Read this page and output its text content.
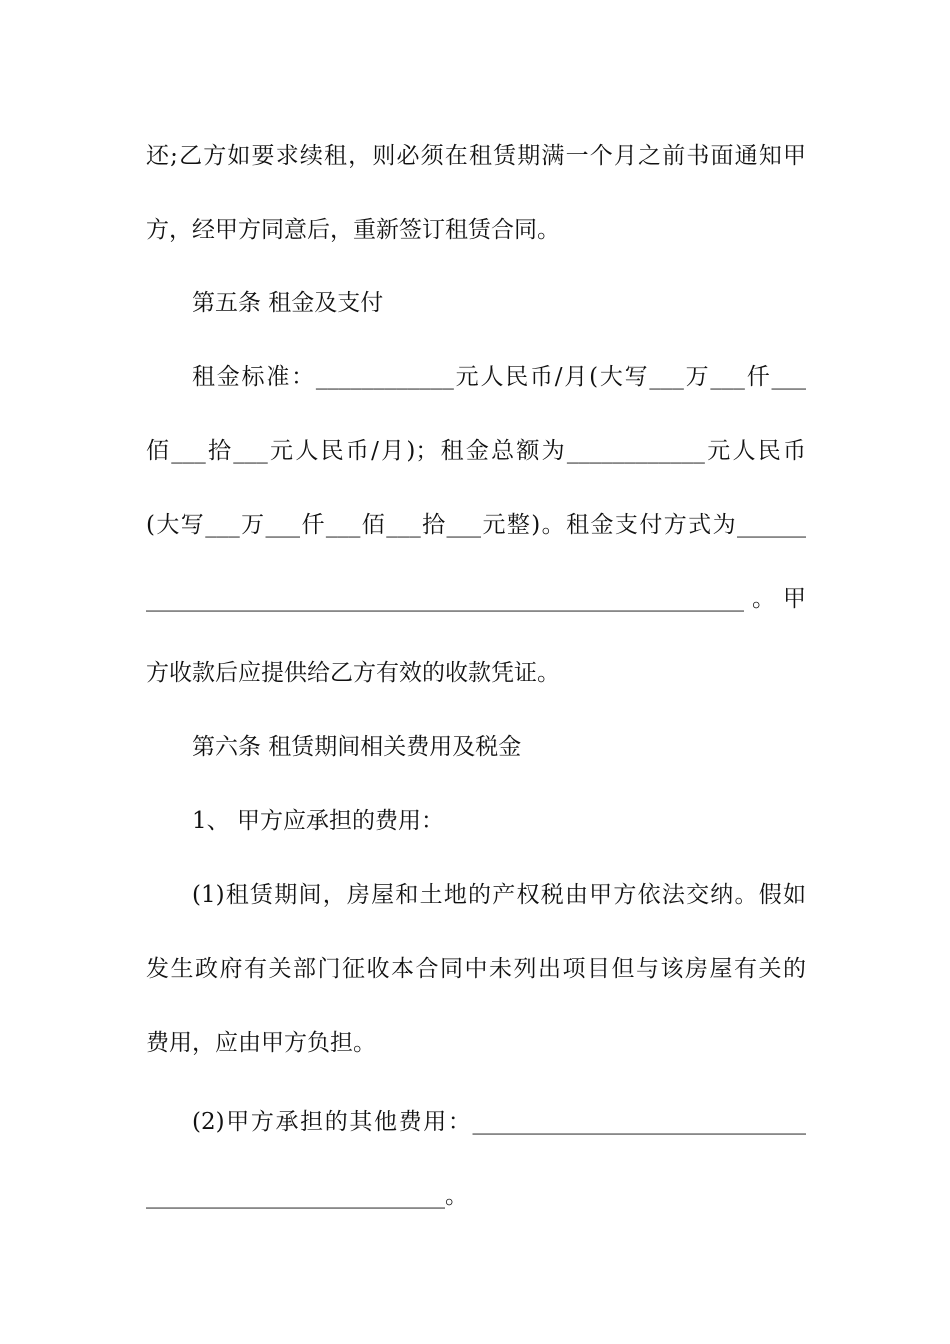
还;乙方如要求续租，则必须在租赁期满一个月之前书面通知甲
方，经甲方同意后，重新签订租赁合同。
第五条 租金及支付
租金标准：____________元人民币/月(大写___万___仟___
佰___拾___元人民币/月)；租金总额为____________元人民币
(大写___万___仟___佰___拾___元整)。租金支付方式为______
____________________________________________________。甲
方收款后应提供给乙方有效的收款凭证。
第六条 租赁期间相关费用及税金
1、 甲方应承担的费用：
(1)租赁期间，房屋和土地的产权税由甲方依法交纳。假如
发生政府有关部门征收本合同中未列出项目但与该房屋有关的
费用，应由甲方负担。
(2)甲方承担的其他费用：_____________________________
__________________________。
